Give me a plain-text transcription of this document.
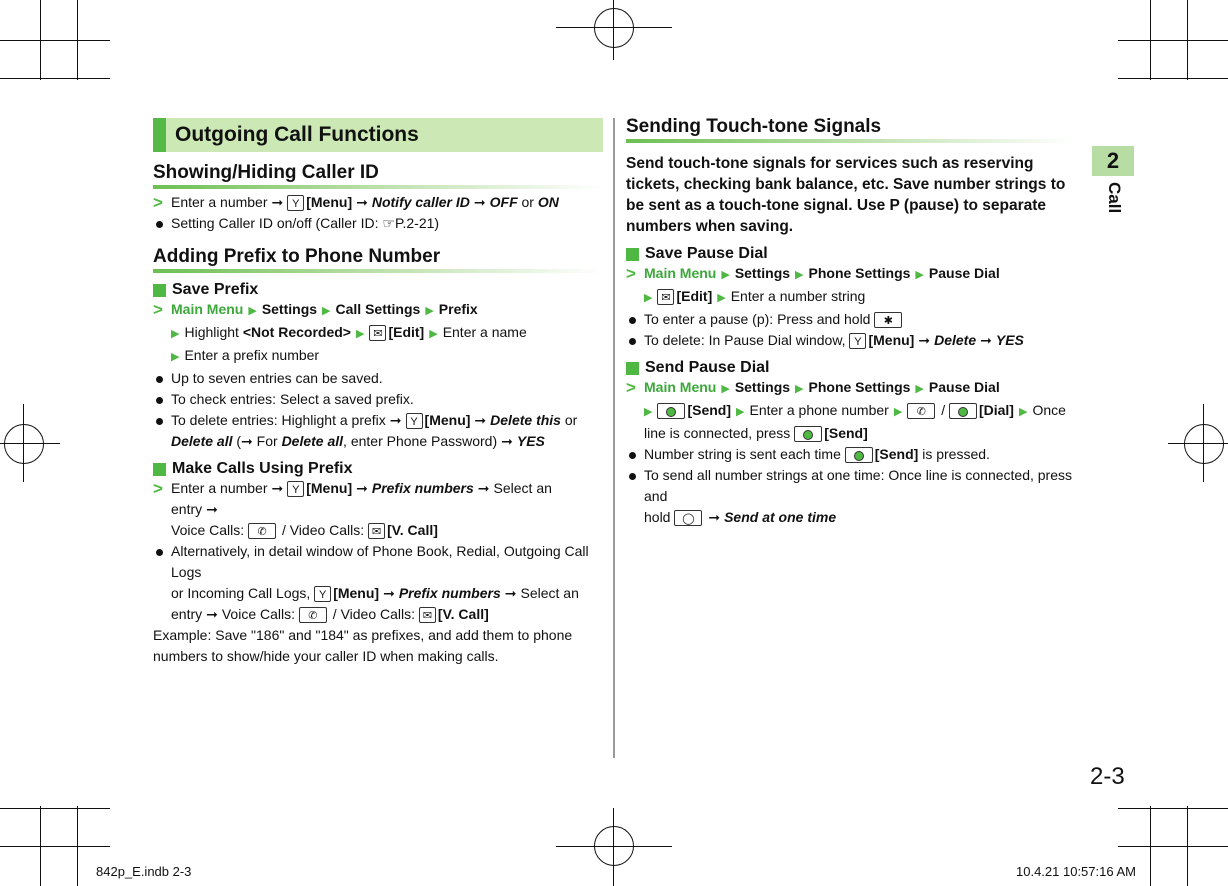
842p_E.indb 2-3	10.4.21 10:57:16 AM
2
Call
2-3
Outgoing Call Functions
Showing/Hiding Caller ID
> Enter a number ➞ Y [Menu] ➞ Notify caller ID ➞ OFF or ON
Setting Caller ID on/off (Caller ID: ☞P.2-21)
Adding Prefix to Phone Number
Save Prefix
> Main Menu ▶ Settings ▶ Call Settings ▶ Prefix
▶ Highlight <Not Recorded> ▶ ✉ [Edit] ▶ Enter a name
▶ Enter a prefix number
Up to seven entries can be saved.
To check entries: Select a saved prefix.
To delete entries: Highlight a prefix ➞ Y [Menu] ➞ Delete this or
Delete all (➞ For Delete all, enter Phone Password) ➞ YES
Make Calls Using Prefix
> Enter a number ➞ Y [Menu] ➞ Prefix numbers ➞ Select an entry ➞
Voice Calls: ✆ / Video Calls: ✉ [V. Call]
Alternatively, in detail window of Phone Book, Redial, Outgoing Call Logs
or Incoming Call Logs, Y [Menu] ➞ Prefix numbers ➞ Select an
entry ➞ Voice Calls: ✆ / Video Calls: ✉ [V. Call]
Example: Save "186" and "184" as prefixes, and add them to phone
numbers to show/hide your caller ID when making calls.
Sending Touch-tone Signals
Send touch-tone signals for services such as reserving
tickets, checking bank balance, etc. Save number strings to
be sent as a touch-tone signal. Use P (pause) to separate
numbers when saving.
Save Pause Dial
> Main Menu ▶ Settings ▶ Phone Settings ▶ Pause Dial
▶ ✉ [Edit] ▶ Enter a number string
To enter a pause (p): Press and hold ✱
To delete: In Pause Dial window, Y [Menu] ➞ Delete ➞ YES
Send Pause Dial
> Main Menu ▶ Settings ▶ Phone Settings ▶ Pause Dial
▶	[Send] ▶ Enter a phone number ▶ ✆ / [Dial] ▶ Once
line is connected, press [Send]
Number string is sent each time [Send] is pressed.
To send all number strings at one time: Once line is connected, press and
hold ◯ ➞ Send at one time
